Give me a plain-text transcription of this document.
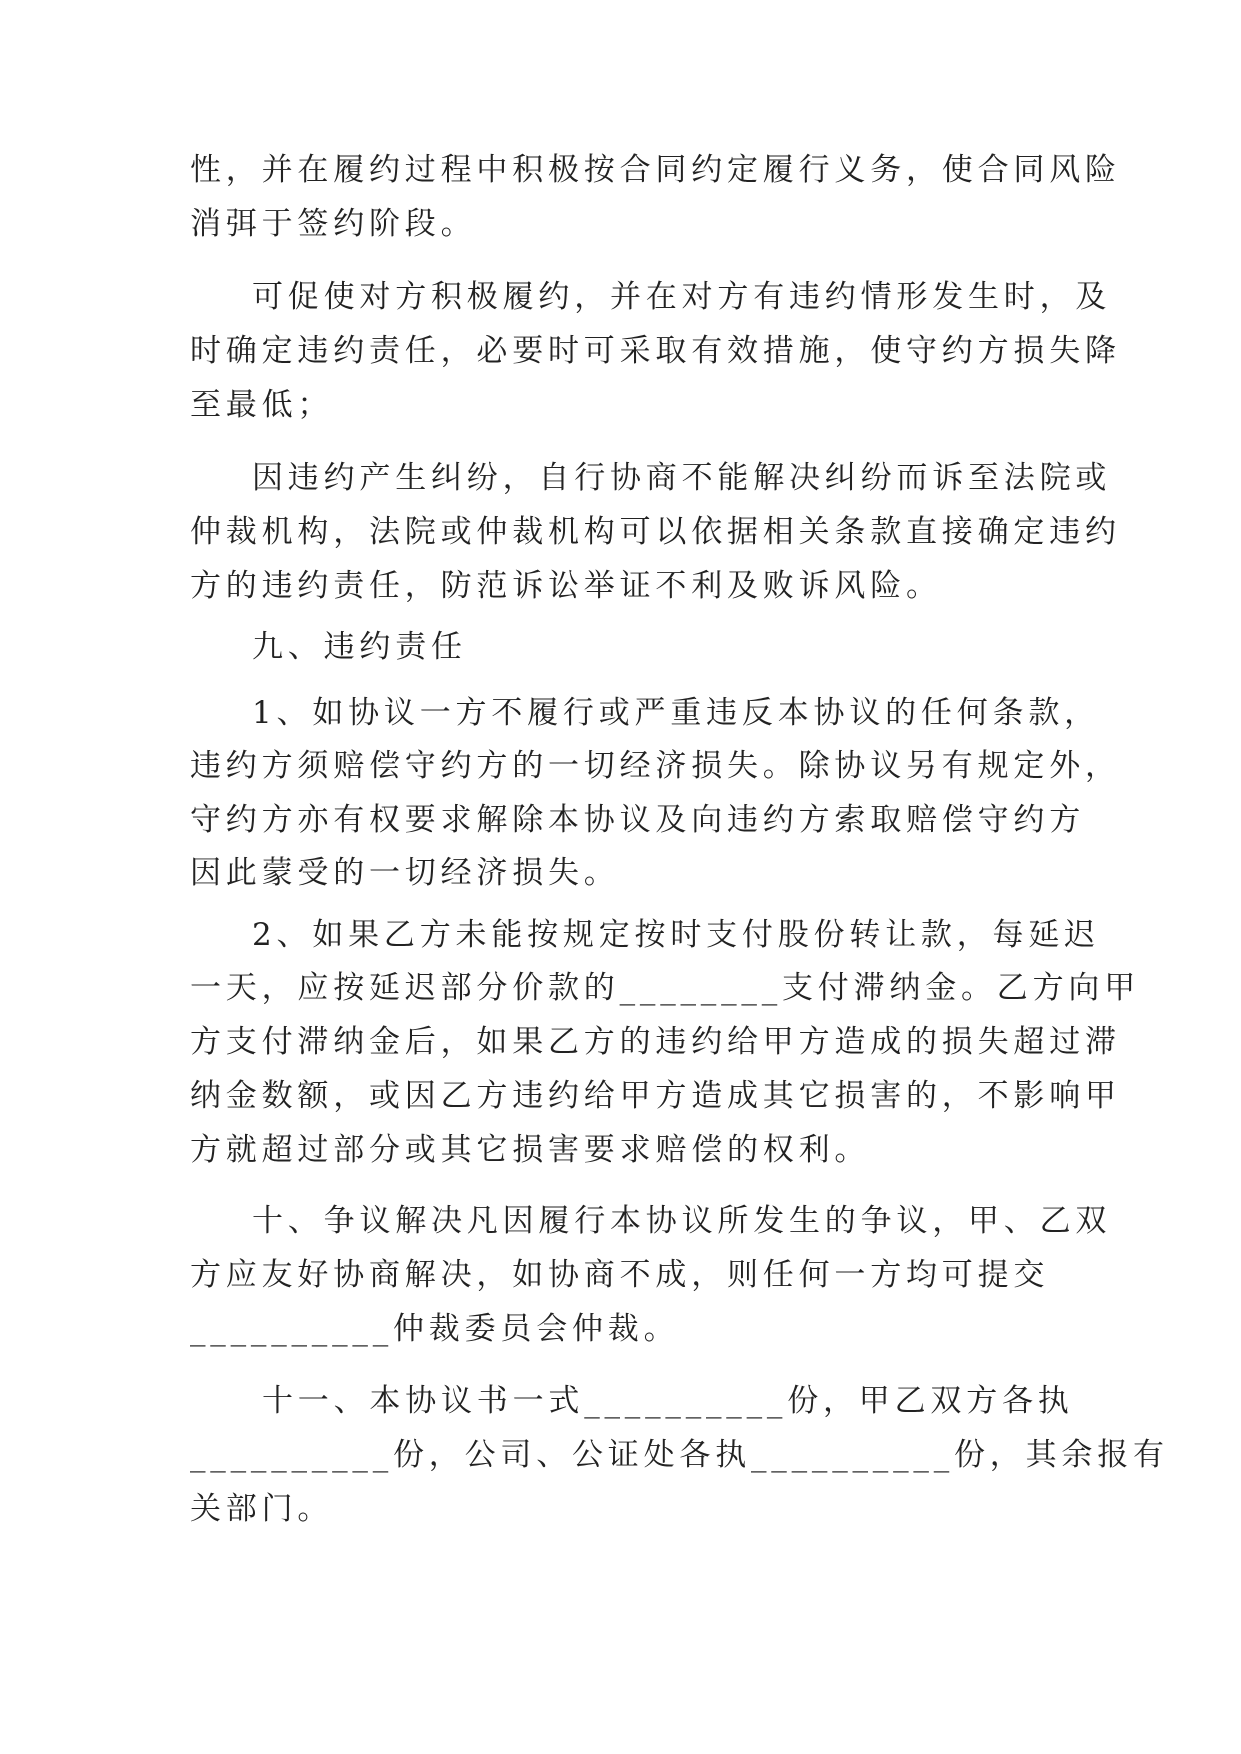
性，并在履约过程中积极按合同约定履行义务，使合同风险
消弭于签约阶段。
可促使对方积极履约，并在对方有违约情形发生时，及
时确定违约责任，必要时可采取有效措施，使守约方损失降
至最低；
因违约产生纠纷，自行协商不能解决纠纷而诉至法院或
仲裁机构，法院或仲裁机构可以依据相关条款直接确定违约
方的违约责任，防范诉讼举证不利及败诉风险。
九、违约责任
1、如协议一方不履行或严重违反本协议的任何条款，
违约方须赔偿守约方的一切经济损失。除协议另有规定外，
守约方亦有权要求解除本协议及向违约方索取赔偿守约方
因此蒙受的一切经济损失。
2、如果乙方未能按规定按时支付股份转让款，每延迟
一天，应按延迟部分价款的________支付滞纳金。乙方向甲
方支付滞纳金后，如果乙方的违约给甲方造成的损失超过滞
纳金数额，或因乙方违约给甲方造成其它损害的，不影响甲
方就超过部分或其它损害要求赔偿的权利。
十、争议解决凡因履行本协议所发生的争议，甲、乙双
方应友好协商解决，如协商不成，则任何一方均可提交
__________仲裁委员会仲裁。
十一、本协议书一式__________份，甲乙双方各执
__________份，公司、公证处各执__________份，其余报有
关部门。
